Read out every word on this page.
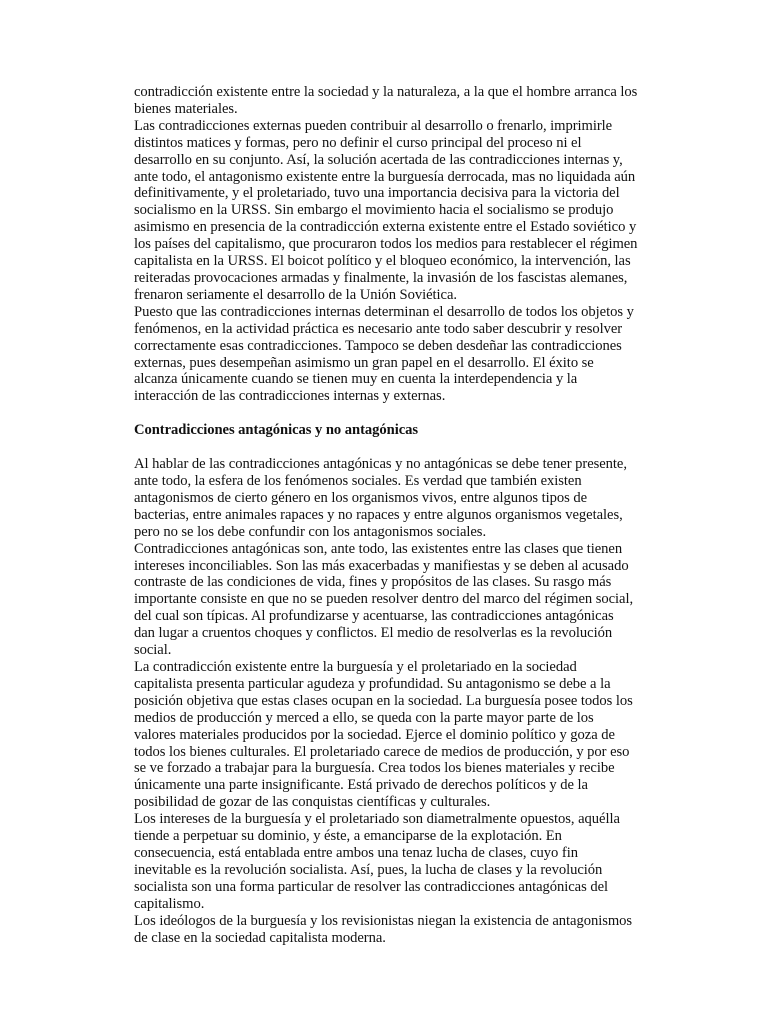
contradicción existente entre la sociedad y la naturaleza, a la que el hombre arranca los bienes materiales.

Las contradicciones externas pueden contribuir al desarrollo o frenarlo, imprimirle distintos matices y formas, pero no definir el curso principal del proceso ni el desarrollo en su conjunto. Así, la solución acertada de las contradicciones internas y, ante todo, el antagonismo existente entre la burguesía derrocada, mas no liquidada aún definitivamente, y el proletariado, tuvo una importancia decisiva para la victoria del socialismo en la URSS. Sin embargo el movimiento hacia el socialismo se produjo asimismo en presencia de la contradicción externa existente entre el Estado soviético y los países del capitalismo, que procuraron todos los medios para restablecer el régimen capitalista en la URSS. El boicot político y el bloqueo económico, la intervención, las reiteradas provocaciones armadas y finalmente, la invasión de los fascistas alemanes, frenaron seriamente el desarrollo de la Unión Soviética.

Puesto que las contradicciones internas determinan el desarrollo de todos los objetos y fenómenos, en la actividad práctica es necesario ante todo saber descubrir y resolver correctamente esas contradicciones. Tampoco se deben desdeñar las contradicciones externas, pues desempeñan asimismo un gran papel en el desarrollo. El éxito se alcanza únicamente cuando se tienen muy en cuenta la interdependencia y la interacción de las contradicciones internas y externas.

Contradicciones antagónicas y no antagónicas

Al hablar de las contradicciones antagónicas y no antagónicas se debe tener presente, ante todo, la esfera de los fenómenos sociales. Es verdad que también existen antagonismos de cierto género en los organismos vivos, entre algunos tipos de bacterias, entre animales rapaces y no rapaces y entre algunos organismos vegetales, pero no se los debe confundir con los antagonismos sociales.

Contradicciones antagónicas son, ante todo, las existentes entre las clases que tienen intereses inconciliables. Son las más exacerbadas y manifiestas y se deben al acusado contraste de las condiciones de vida, fines y propósitos de las clases. Su rasgo más importante consiste en que no se pueden resolver dentro del marco del régimen social, del cual son típicas. Al profundizarse y acentuarse, las contradicciones antagónicas dan lugar a cruentos choques y conflictos. El medio de resolverlas es la revolución social.

La contradicción existente entre la burguesía y el proletariado en la sociedad capitalista presenta particular agudeza y profundidad. Su antagonismo se debe a la posición objetiva que estas clases ocupan en la sociedad. La burguesía posee todos los medios de producción y merced a ello, se queda con la parte mayor parte de los valores materiales producidos por la sociedad. Ejerce el dominio político y goza de todos los bienes culturales. El proletariado carece de medios de producción, y por eso se ve forzado a trabajar para la burguesía. Crea todos los bienes materiales y recibe únicamente una parte insignificante. Está privado de derechos políticos y de la posibilidad de gozar de las conquistas científicas y culturales.

Los intereses de la burguesía y el proletariado son diametralmente opuestos, aquélla tiende a perpetuar su dominio, y éste, a emanciparse de la explotación. En consecuencia, está entablada entre ambos una tenaz lucha de clases, cuyo fin inevitable es la revolución socialista. Así, pues, la lucha de clases y la revolución socialista son una forma particular de resolver las contradicciones antagónicas del capitalismo.

Los ideólogos de la burguesía y los revisionistas niegan la existencia de antagonismos de clase en la sociedad capitalista moderna.
